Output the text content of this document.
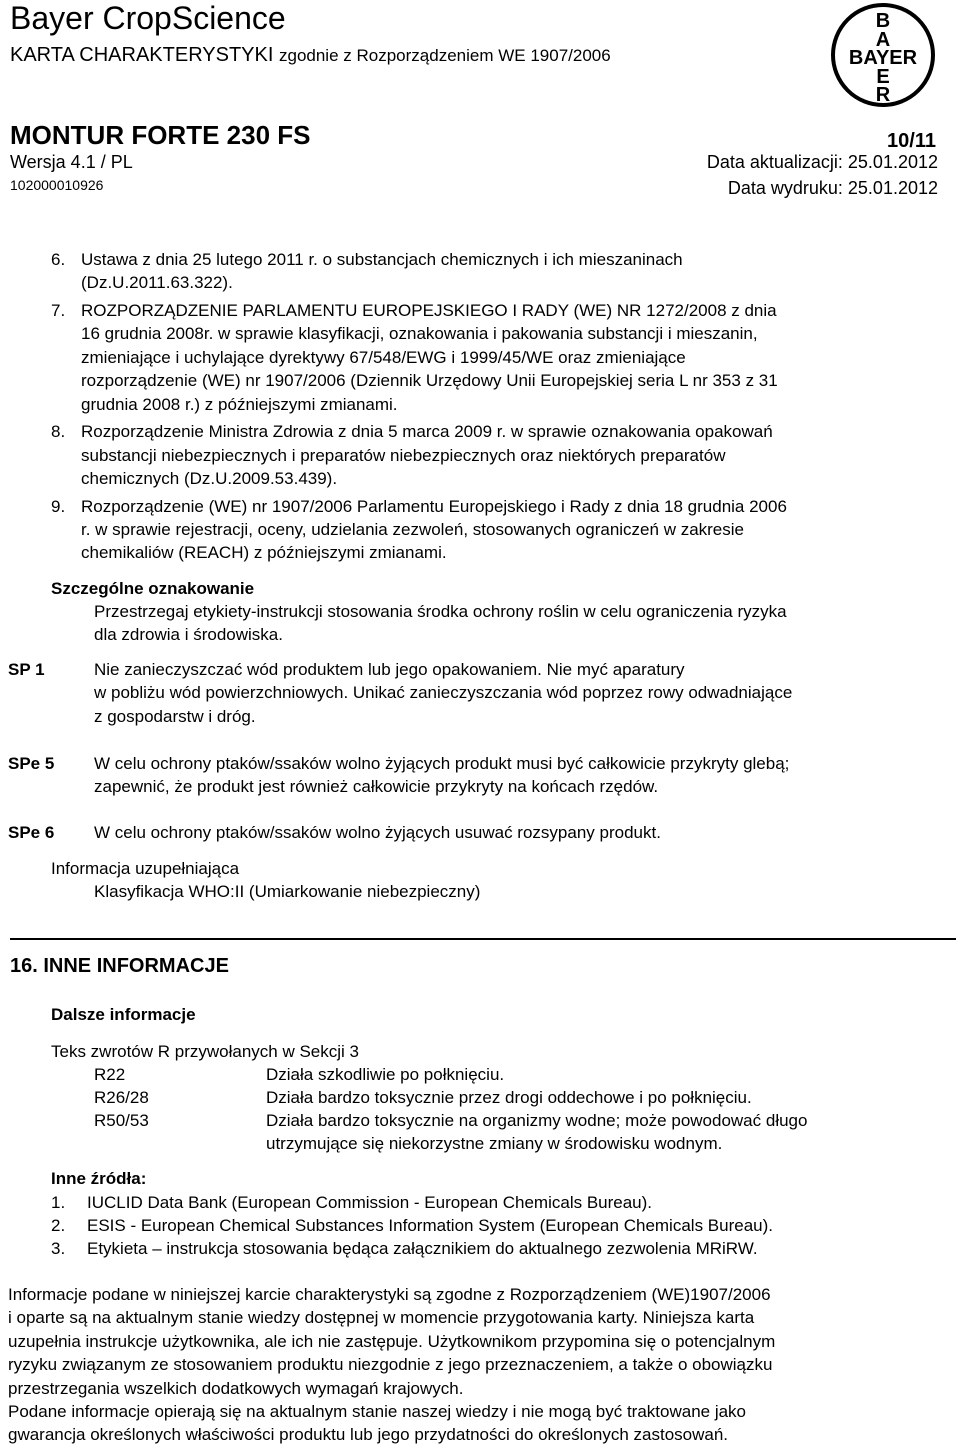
Bayer CropScience
KARTA CHARAKTERYSTYKI zgodnie z Rozporządzeniem WE 1907/2006
MONTUR FORTE 230 FS	10/11
Wersja 4.1 / PL
102000010926
Data aktualizacji: 25.01.2012
Data wydruku: 25.01.2012
B
A
BAYER
E
R
6. Ustawa z dnia 25 lutego 2011 r. o substancjach chemicznych i ich mieszaninach
(Dz.U.2011.63.322).
7. ROZPORZĄDZENIE PARLAMENTU EUROPEJSKIEGO I RADY (WE) NR 1272/2008 z dnia
16 grudnia 2008r. w sprawie klasyfikacji, oznakowania i pakowania substancji i mieszanin,
zmieniające i uchylające dyrektywy 67/548/EWG i 1999/45/WE oraz zmieniające
rozporządzenie (WE) nr 1907/2006 (Dziennik Urzędowy Unii Europejskiej seria L nr 353 z 31
grudnia 2008 r.) z późniejszymi zmianami.
8. Rozporządzenie Ministra Zdrowia z dnia 5 marca 2009 r. w sprawie oznakowania opakowań
substancji niebezpiecznych i preparatów niebezpiecznych oraz niektórych preparatów
chemicznych (Dz.U.2009.53.439).
9. Rozporządzenie (WE) nr 1907/2006 Parlamentu Europejskiego i Rady z dnia 18 grudnia 2006
r. w sprawie rejestracji, oceny, udzielania zezwoleń, stosowanych ograniczeń w zakresie
chemikaliów (REACH) z późniejszymi zmianami.
Szczególne oznakowanie
Przestrzegaj etykiety-instrukcji stosowania środka ochrony roślin w celu ograniczenia ryzyka
dla zdrowia i środowiska.
SP 1	Nie zanieczyszczać wód produktem lub jego opakowaniem. Nie myć aparatury
w pobliżu wód powierzchniowych. Unikać zanieczyszczania wód poprzez rowy odwadniające
z gospodarstw i dróg.
SPe 5 W celu ochrony ptaków/ssaków wolno żyjących produkt musi być całkowicie przykryty glebą;
zapewnić, że produkt jest również całkowicie przykryty na końcach rzędów.
SPe 6 W celu ochrony ptaków/ssaków wolno żyjących usuwać rozsypany produkt.
Informacja uzupełniająca
Klasyfikacja WHO:II (Umiarkowanie niebezpieczny)
16. INNE INFORMACJE
Dalsze informacje
Teks zwrotów R przywołanych w Sekcji 3
R22	Działa szkodliwie po połknięciu.
R26/28	Działa bardzo toksycznie przez drogi oddechowe i po połknięciu.
R50/53	Działa bardzo toksycznie na organizmy wodne; może powodować długo
utrzymujące się niekorzystne zmiany w środowisku wodnym.
Inne źródła:
1. IUCLID Data Bank (European Commission - European Chemicals Bureau).
2. ESIS - European Chemical Substances Information System (European Chemicals Bureau).
3. Etykieta – instrukcja stosowania będąca załącznikiem do aktualnego zezwolenia MRiRW.
Informacje podane w niniejszej karcie charakterystyki są zgodne z Rozporządzeniem (WE)1907/2006
i oparte są na aktualnym stanie wiedzy dostępnej w momencie przygotowania karty. Niniejsza karta
uzupełnia instrukcje użytkownika, ale ich nie zastępuje. Użytkownikom przypomina się o potencjalnym
ryzyku związanym ze stosowaniem produktu niezgodnie z jego przeznaczeniem, a także o obowiązku
przestrzegania wszelkich dodatkowych wymagań krajowych.
Podane informacje opierają się na aktualnym stanie naszej wiedzy i nie mogą być traktowane jako
gwarancja określonych właściwości produktu lub jego przydatności do określonych zastosowań.
